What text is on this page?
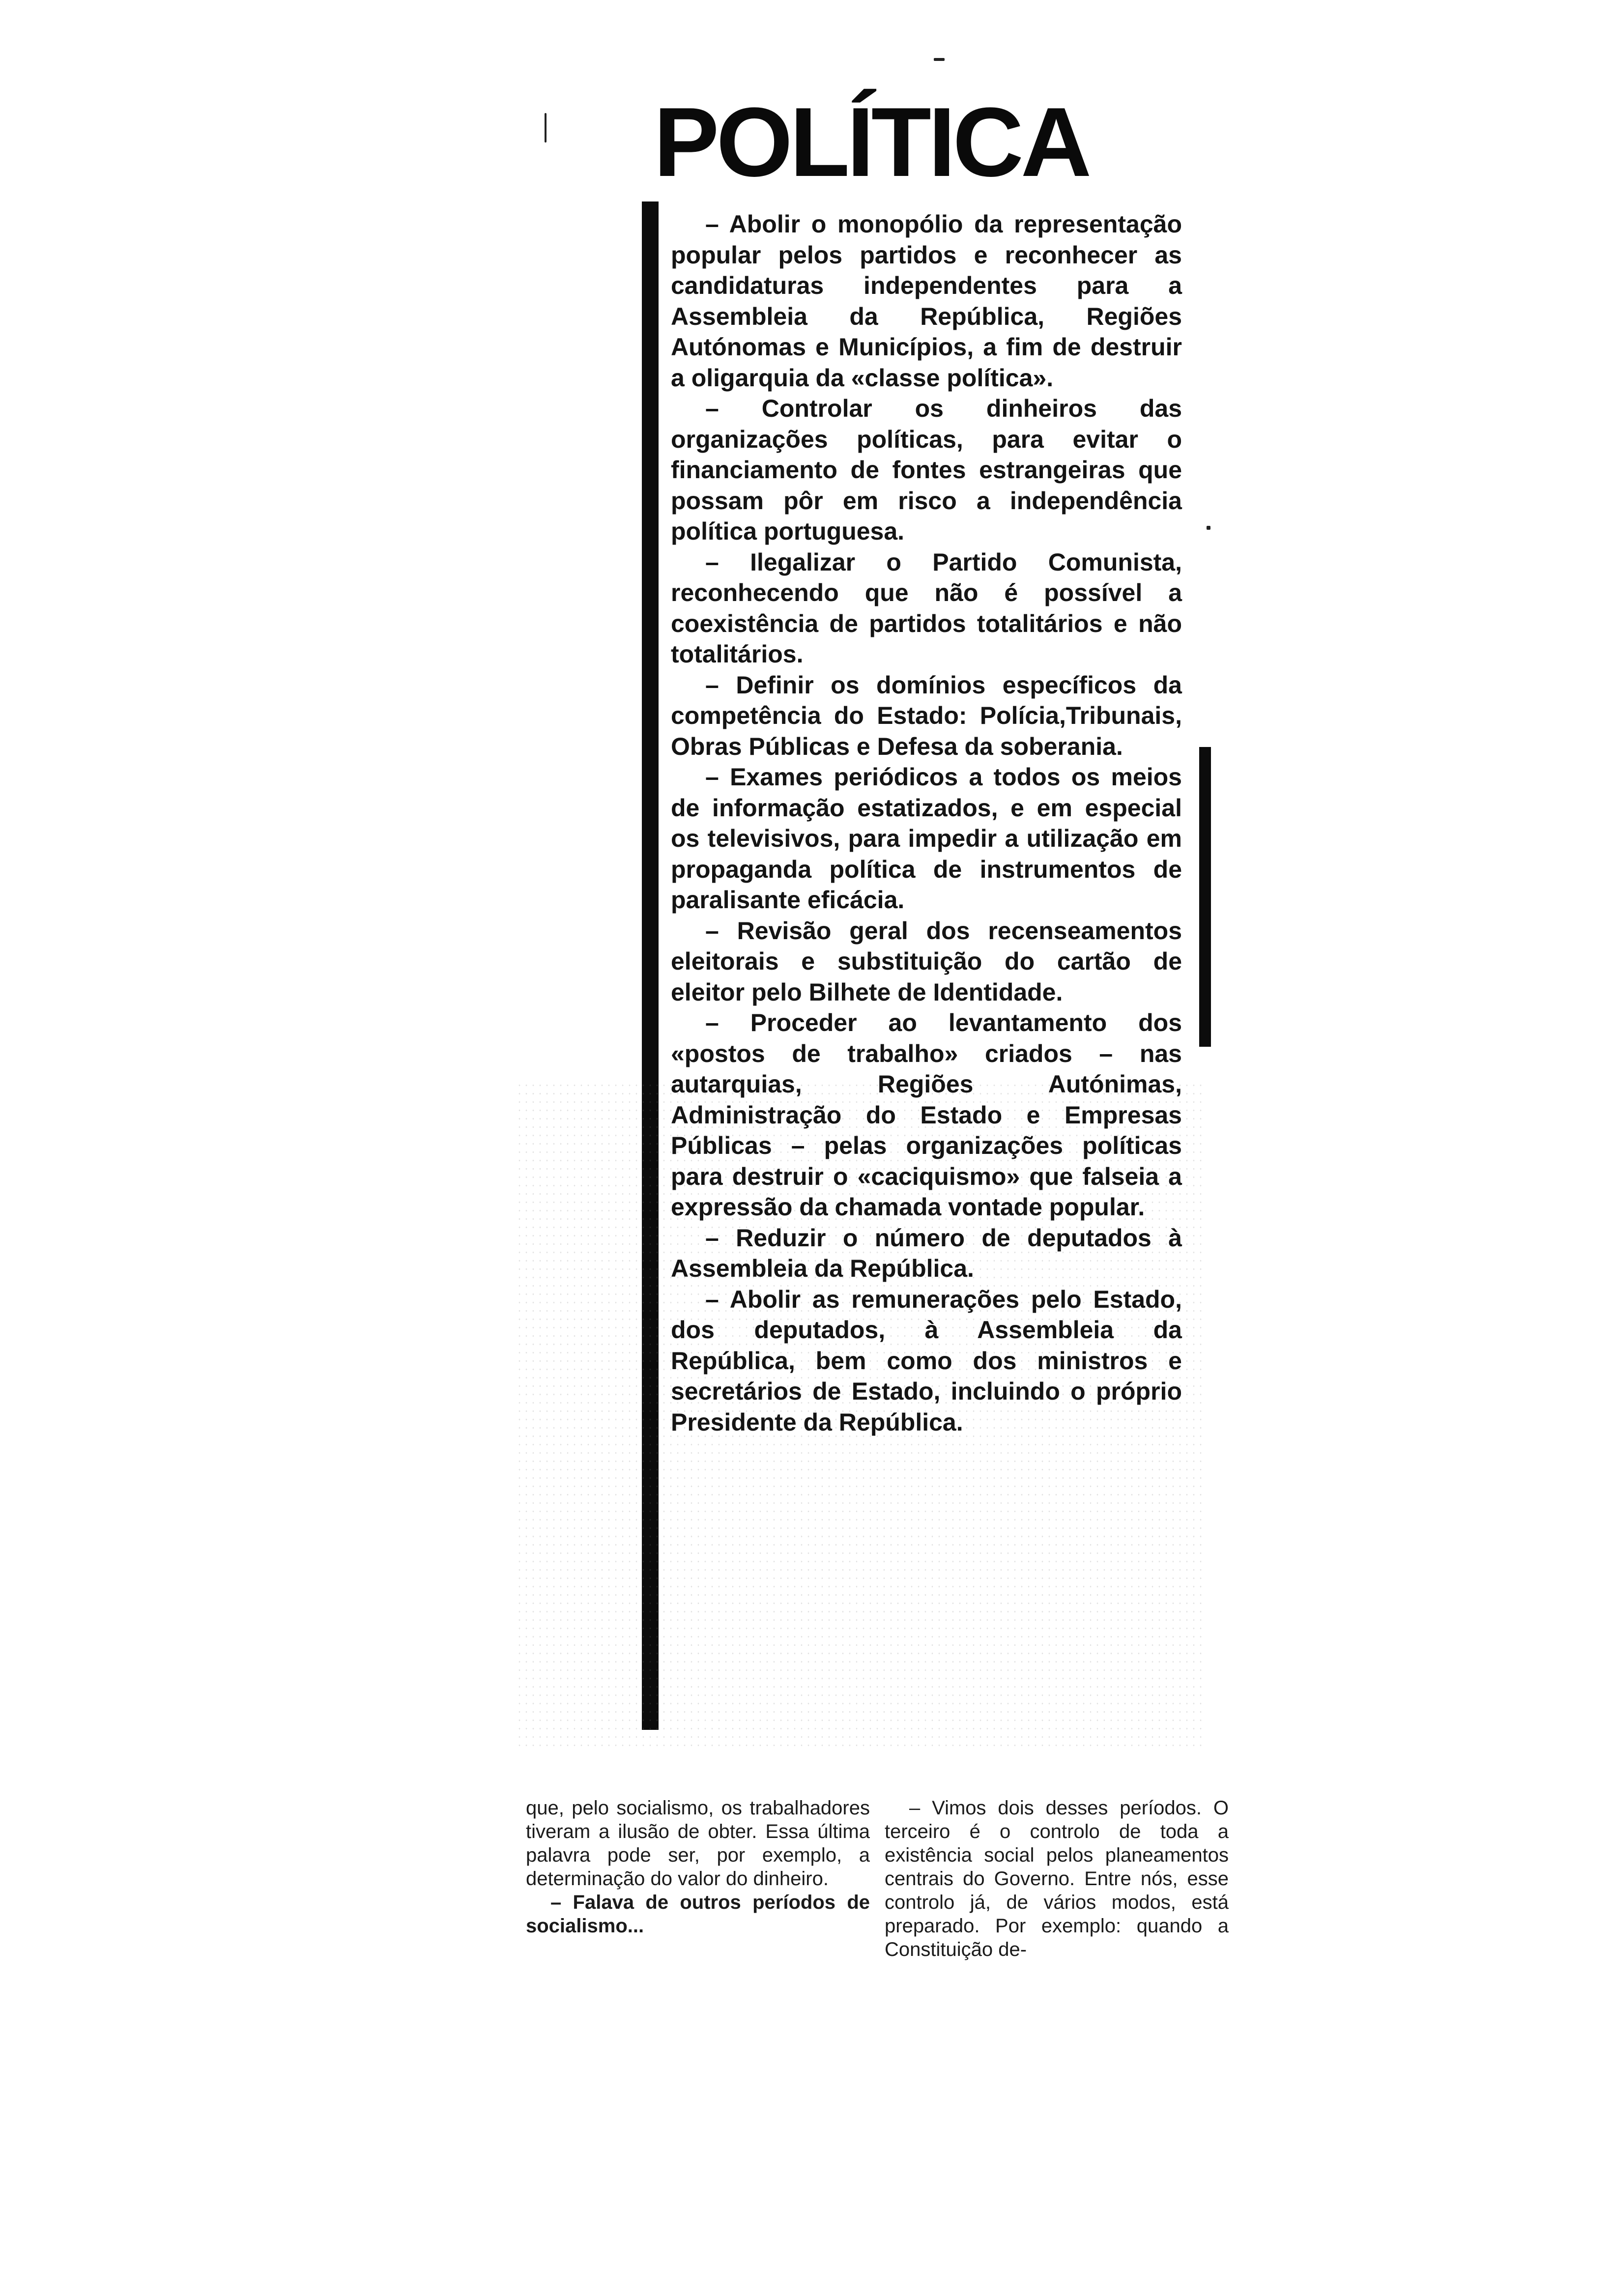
POLÍTICA

– Abolir o monopólio da representação popular pelos partidos e reconhecer as candidaturas independentes para a Assembleia da República, Regiões Autónomas e Municípios, a fim de destruir a oligarquia da «classe política».

– Controlar os dinheiros das organizações políticas, para evitar o financiamento de fontes estrangeiras que possam pôr em risco a independência política portuguesa.

– Ilegalizar o Partido Comunista, reconhecendo que não é possível a coexistência de partidos totalitários e não totalitários.

– Definir os domínios específicos da competência do Estado: Polícia,Tribunais, Obras Públicas e Defesa da soberania.

– Exames periódicos a todos os meios de informação estatizados, e em especial os televisivos, para impedir a utilização em propaganda política de instrumentos de paralisante eficácia.

– Revisão geral dos recenseamentos eleitorais e substituição do cartão de eleitor pelo Bilhete de Identidade.

– Proceder ao levantamento dos «postos de trabalho» criados – nas autarquias, Regiões Autónimas, Administração do Estado e Empresas Públicas – pelas organizações políticas para destruir o «caciquismo» que falseia a expressão da chamada vontade popular.

– Reduzir o número de deputados à Assembleia da República.

– Abolir as remunerações pelo Estado, dos deputados, à Assembleia da República, bem como dos ministros e secretários de Estado, incluindo o próprio Presidente da República.

que, pelo socialismo, os trabalhadores tiveram a ilusão de obter. Essa última palavra pode ser, por exemplo, a determinação do valor do dinheiro.

– Falava de outros períodos de socialismo...

– Vimos dois desses períodos. O terceiro é o controlo de toda a existência social pelos planeamentos centrais do Governo. Entre nós, esse controlo já, de vários modos, está preparado. Por exemplo: quando a Constituição de-
